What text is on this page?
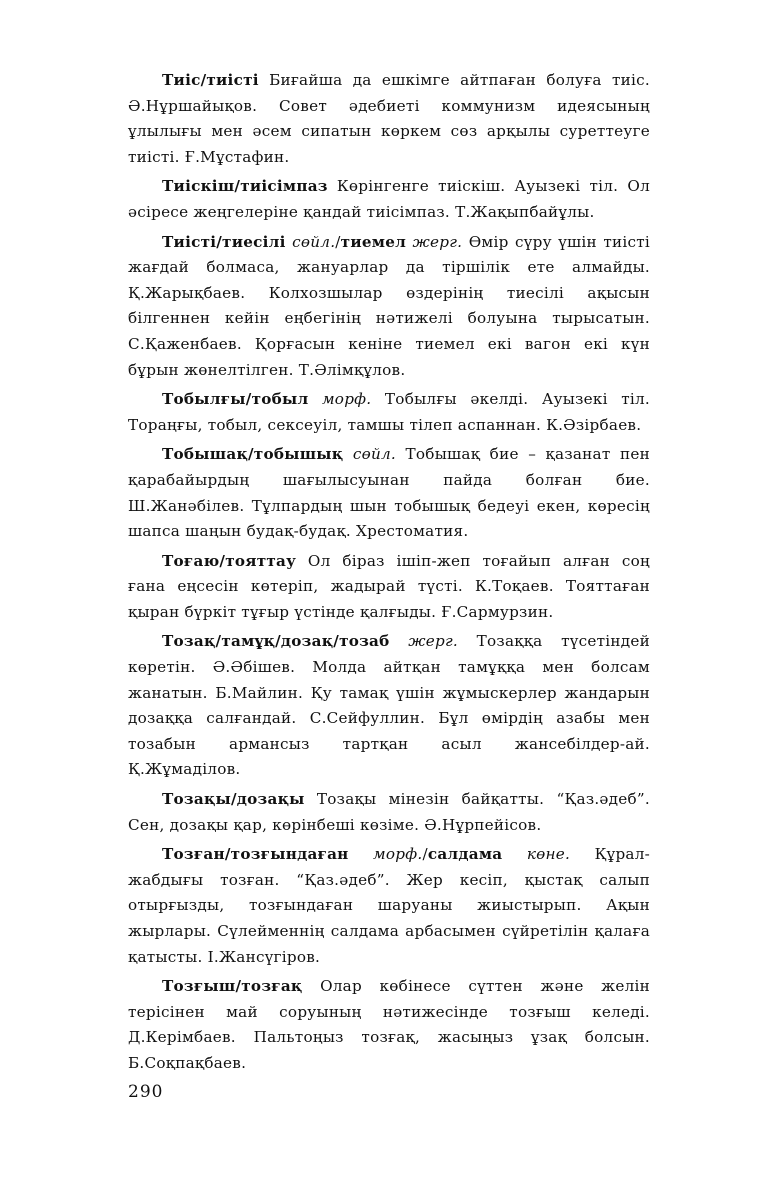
Тиіс/тиісті Биғайша да ешкімге айтпаған болуға тиіс. Ә.Нұршайықов. Совет әдебиеті коммунизм идеясының ұлылығы мен әсем сипатын көркем сөз арқылы суреттеуге тиісті. Ғ.Мұстафин.

Тиіскіш/тиісімпаз Көрінгенге тиіскіш. Ауызекі тіл. Ол әсіресе жеңгелеріне қандай тиісімпаз. Т.Жақыпбайұлы.

Тиісті/тиесілі сөйл./тиемел жерг. Өмір сүру үшін тиісті жағдай болмаса, жануарлар да тіршілік ете алмайды. Қ.Жарықбаев. Колхозшылар өздерінің тиесілі ақысын білгеннен кейін еңбегінің нәтижелі болуына тырысатын. С.Қаженбаев. Қорғасын кеніне тиемел екі вагон екі күн бұрын жөнелтілген. Т.Әлімқұлов.

Тобылғы/тобыл морф. Тобылғы әкелді. Ауызекі тіл. Тораңғы, тобыл, сексеуіл, тамшы тілеп аспаннан. К.Әзірбаев.

Тобышақ/тобышық сөйл. Тобышақ бие – қазанат пен қарабайырдың шағылысуынан пайда болған бие. Ш.Жанәбілев. Тұлпардың шын тобышық бедеуі екен, көресің шапса шаңын будақ-будақ. Хрестоматия.

Тоғаю/тояттау Ол біраз ішіп-жеп тоғайып алған соң ғана еңсесін көтеріп, жадырай түсті. К.Тоқаев. Тояттаған қыран бүркіт тұғыр үстінде қалғыды. Ғ.Сармурзин.

Тозақ/тамұқ/дозақ/тозаб жерг. Тозаққа түсетіндей көретін. Ә.Әбішев. Молда айтқан тамұққа мен болсам жанатын. Б.Майлин. Қу тамақ үшін жұмыскерлер жандарын дозаққа салғандай. С.Сейфуллин. Бұл өмірдің азабы мен тозабын армансыз тартқан асыл жансебілдер-ай. Қ.Жұмаділов.

Тозақы/дозақы Тозақы мінезін байқатты. “Қаз.әдеб”. Сен, дозақы қар, көрінбеші көзіме. Ә.Нұрпейісов.

Тозған/тозғындаған морф./салдама көне. Құрал-жабдығы тозған. “Қаз.әдеб”. Жер кесіп, қыстақ салып отырғызды, тозғындаған шаруаны жиыстырып. Ақын жырлары. Сүлейменнің салдама арбасымен сүйретілін қалаға қатысты. І.Жансүгіров.

Тозғыш/тозғақ Олар көбінесе сүттен және желін терісінен май соруының нәтижесінде тозғыш келеді. Д.Керімбаев. Пальтоңыз тозғақ, жасыңыз ұзақ болсын. Б.Соқпақбаев.

290
